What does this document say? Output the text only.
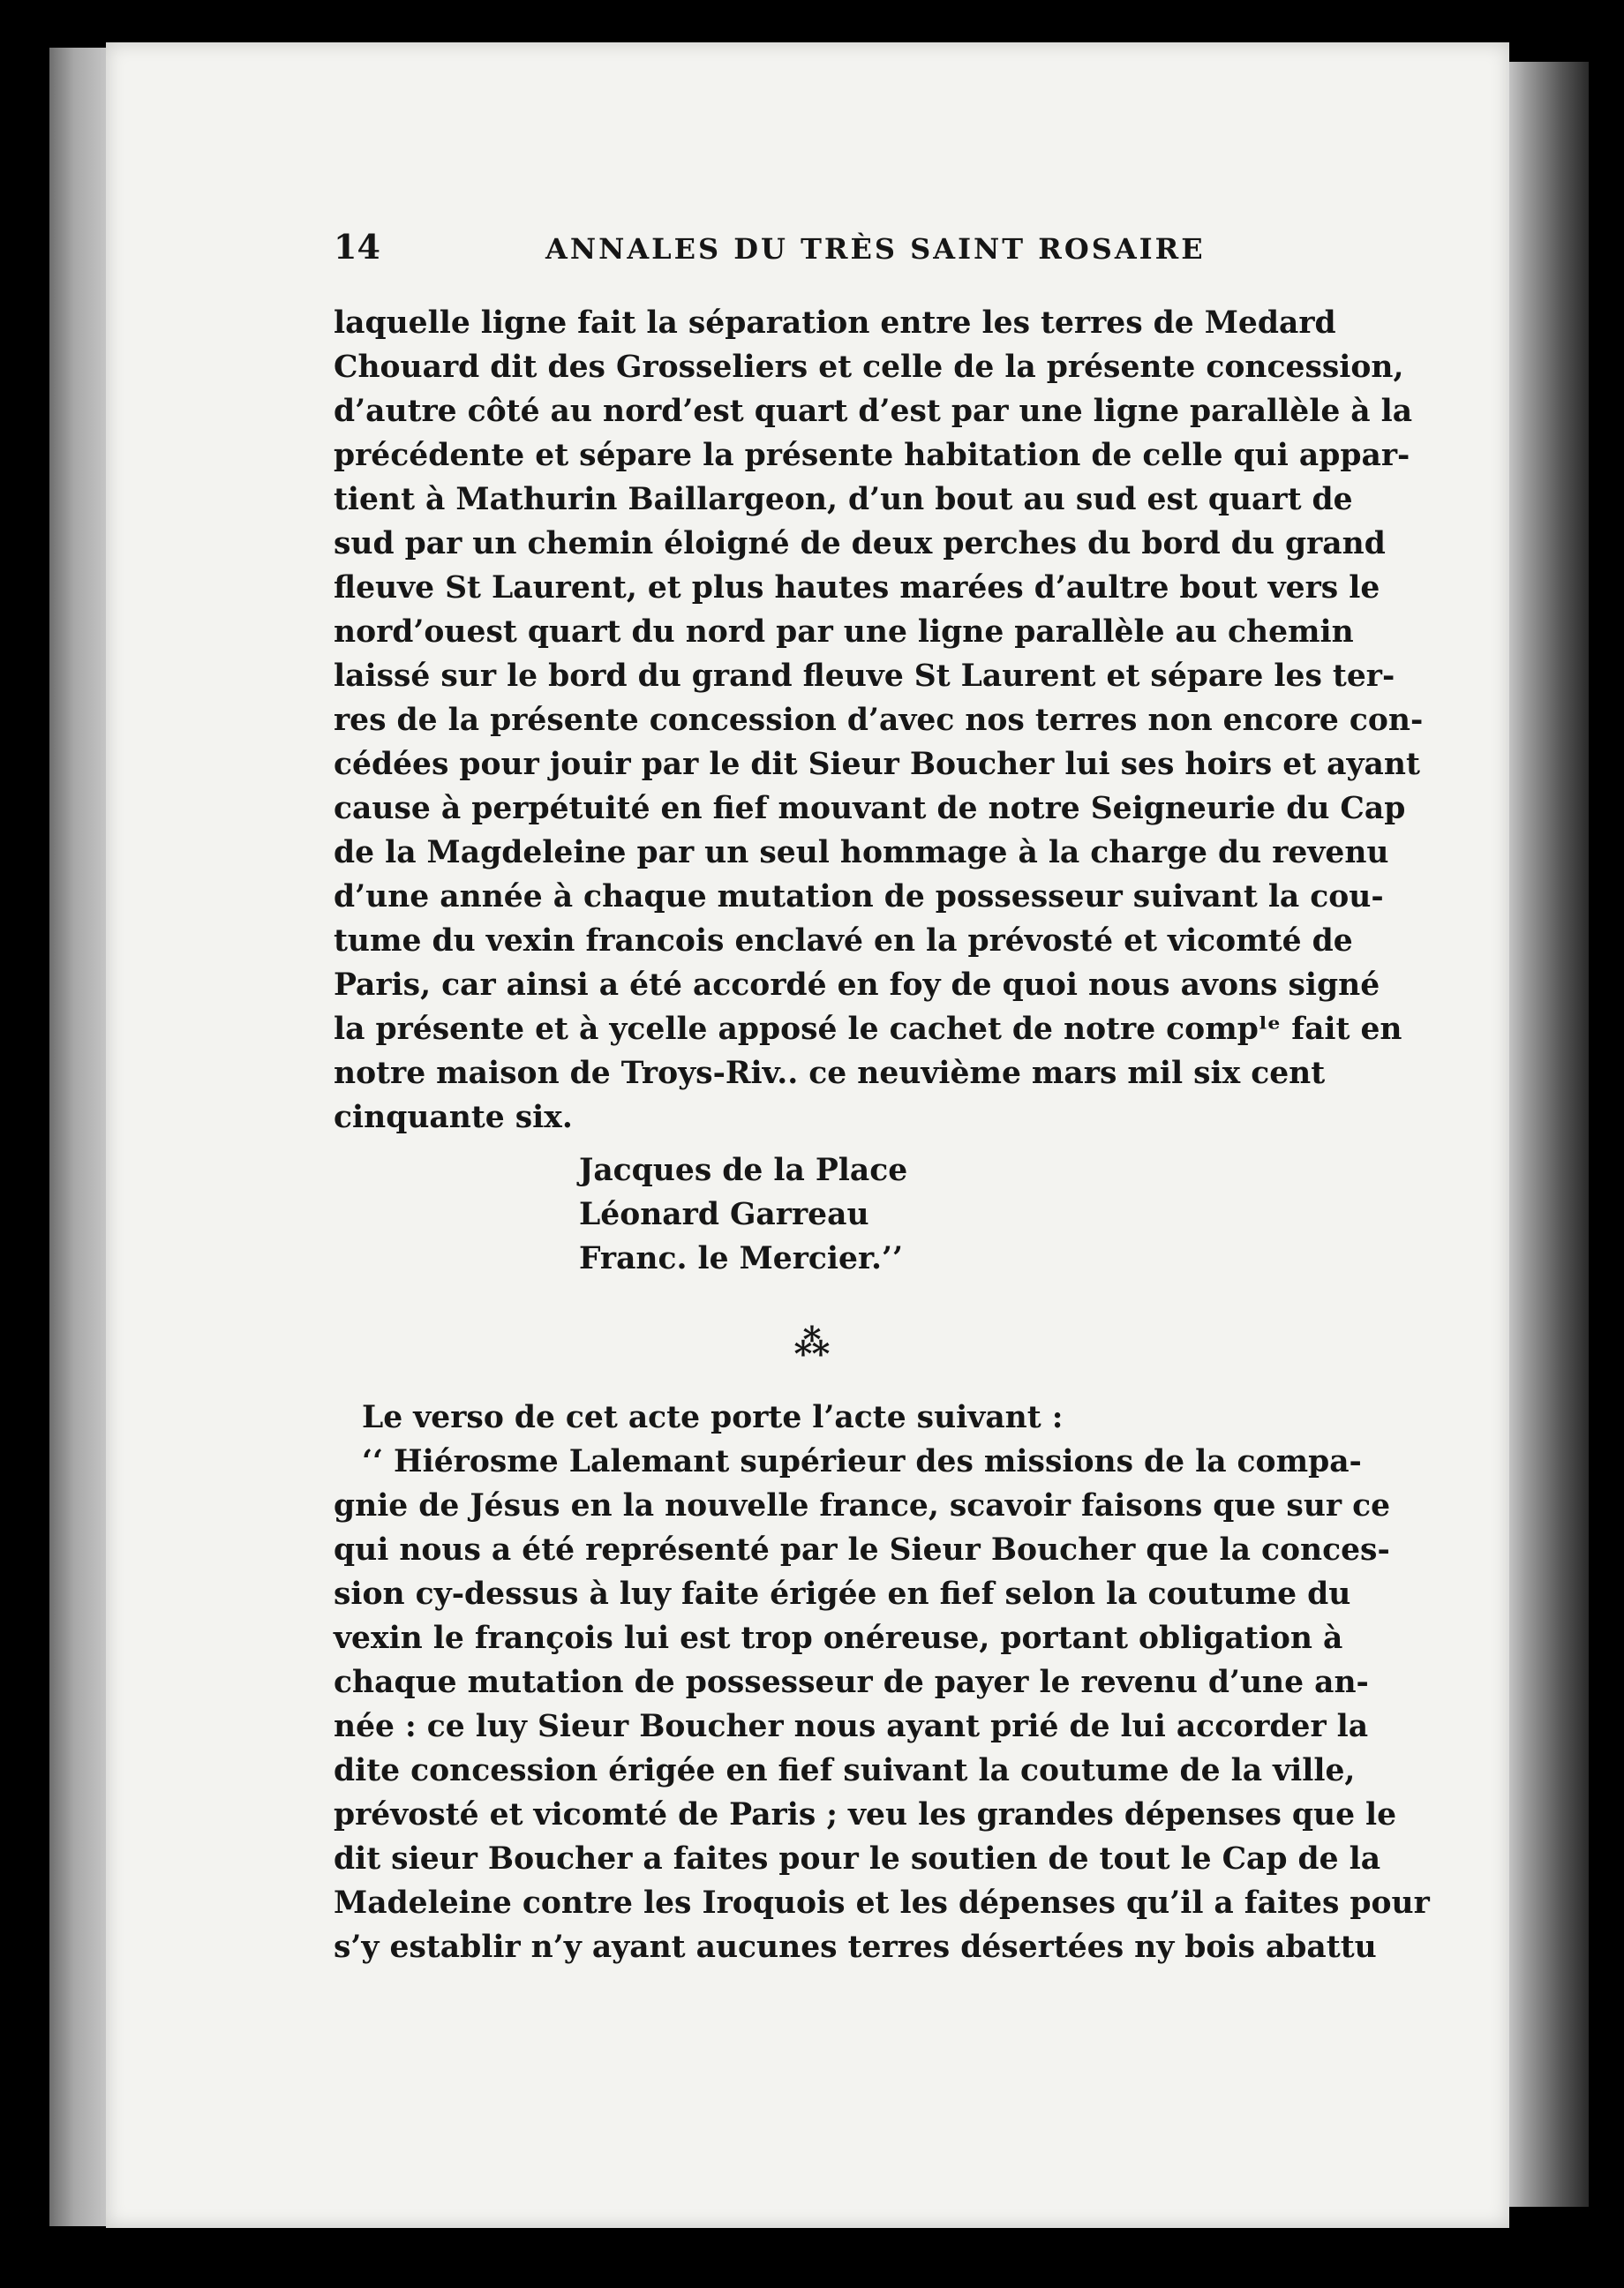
14	ANNALES DU TRÈS SAINT ROSAIRE
laquelle ligne fait la séparation entre les terres de Medard
Chouard dit des Grosseliers et celle de la présente concession,
d’autre côté au nord’est quart d’est par une ligne parallèle à la
précédente et sépare la présente habitation de celle qui appar-
tient à Mathurin Baillargeon, d’un bout au sud est quart de
sud par un chemin éloigné de deux perches du bord du grand
fleuve St Laurent, et plus hautes marées d’aultre bout vers le
nord’ouest quart du nord par une ligne parallèle au chemin
laissé sur le bord du grand fleuve St Laurent et sépare les ter-
res de la présente concession d’avec nos terres non encore con-
cédées pour jouir par le dit Sieur Boucher lui ses hoirs et ayant
cause à perpétuité en fief mouvant de notre Seigneurie du Cap
de la Magdeleine par un seul hommage à la charge du revenu
d’une année à chaque mutation de possesseur suivant la cou-
tume du vexin francois enclavé en la prévosté et vicomté de
Paris, car ainsi a été accordé en foy de quoi nous avons signé
la présente et à ycelle apposé le cachet de notre compˡᵉ fait en
notre maison de Troys-Riv.. ce neuvième mars mil six cent
cinquante six.
Jacques de la Place
Léonard Garreau
Franc. le Mercier.’’
⁂
Le verso de cet acte porte l’acte suivant :
‘‘ Hiérosme Lalemant supérieur des missions de la compa-
gnie de Jésus en la nouvelle france, scavoir faisons que sur ce
qui nous a été représenté par le Sieur Boucher que la conces-
sion cy-dessus à luy faite érigée en fief selon la coutume du
vexin le françois lui est trop onéreuse, portant obligation à
chaque mutation de possesseur de payer le revenu d’une an-
née : ce luy Sieur Boucher nous ayant prié de lui accorder la
dite concession érigée en fief suivant la coutume de la ville,
prévosté et vicomté de Paris ; veu les grandes dépenses que le
dit sieur Boucher a faites pour le soutien de tout le Cap de la
Madeleine contre les Iroquois et les dépenses qu’il a faites pour
s’y establir n’y ayant aucunes terres désertées ny bois abattu
